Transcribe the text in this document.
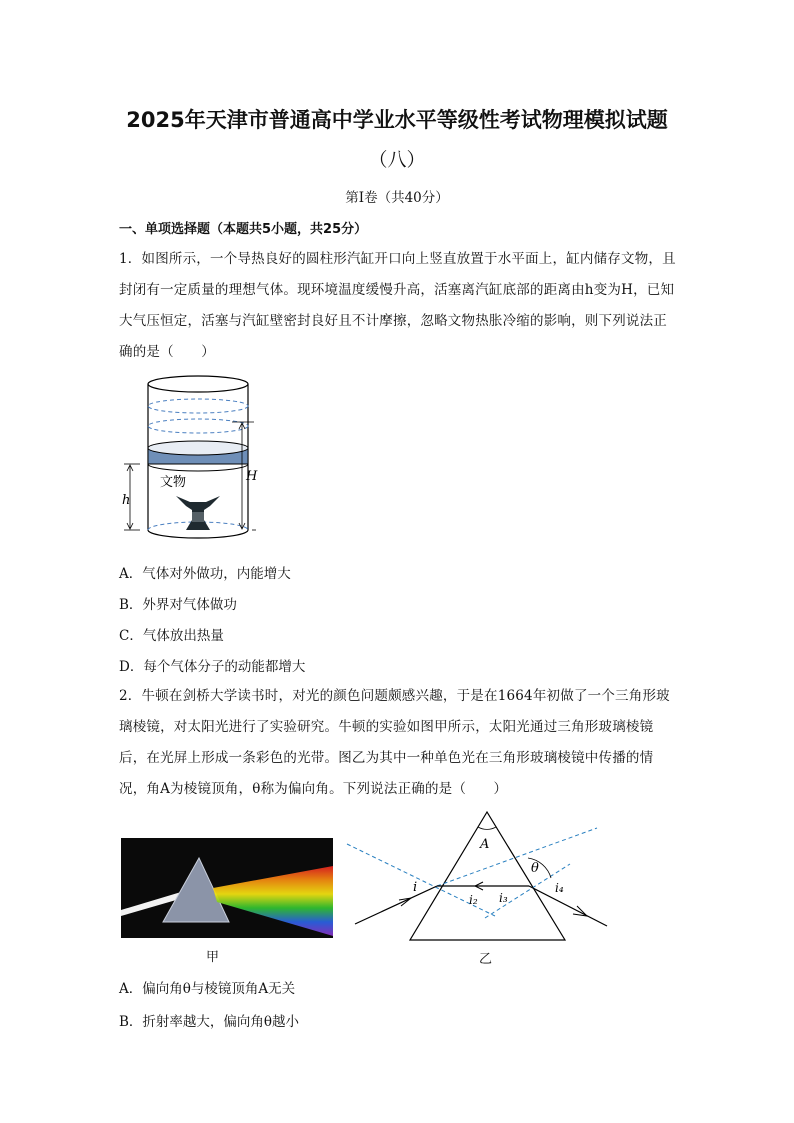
2025年天津市普通高中学业水平等级性考试物理模拟试题
（八）
第Ⅰ卷（共40分）
一、单项选择题（本题共5小题，共25分）
1．如图所示，一个导热良好的圆柱形汽缸开口向上竖直放置于水平面上，缸内储存文物，且封闭有一定质量的理想气体。现环境温度缓慢升高，活塞离汽缸底部的距离由h变为H，已知大气压恒定，活塞与汽缸壁密封良好且不计摩擦，忽略文物热胀冷缩的影响，则下列说法正确的是（　　）
h
H
文物
A．气体对外做功，内能增大
B．外界对气体做功
C．气体放出热量
D．每个气体分子的动能都增大
2．牛顿在剑桥大学读书时，对光的颜色问题颇感兴趣，于是在1664年初做了一个三角形玻璃棱镜，对太阳光进行了实验研究。牛顿的实验如图甲所示，太阳光通过三角形玻璃棱镜后，在光屏上形成一条彩色的光带。图乙为其中一种单色光在三角形玻璃棱镜中传播的情况，角A为棱镜顶角，θ称为偏向角。下列说法正确的是（　　）
甲
A
θ
i
i₂ i₃
i₄
乙
A．偏向角θ与棱镜顶角A无关
B．折射率越大，偏向角θ越小
